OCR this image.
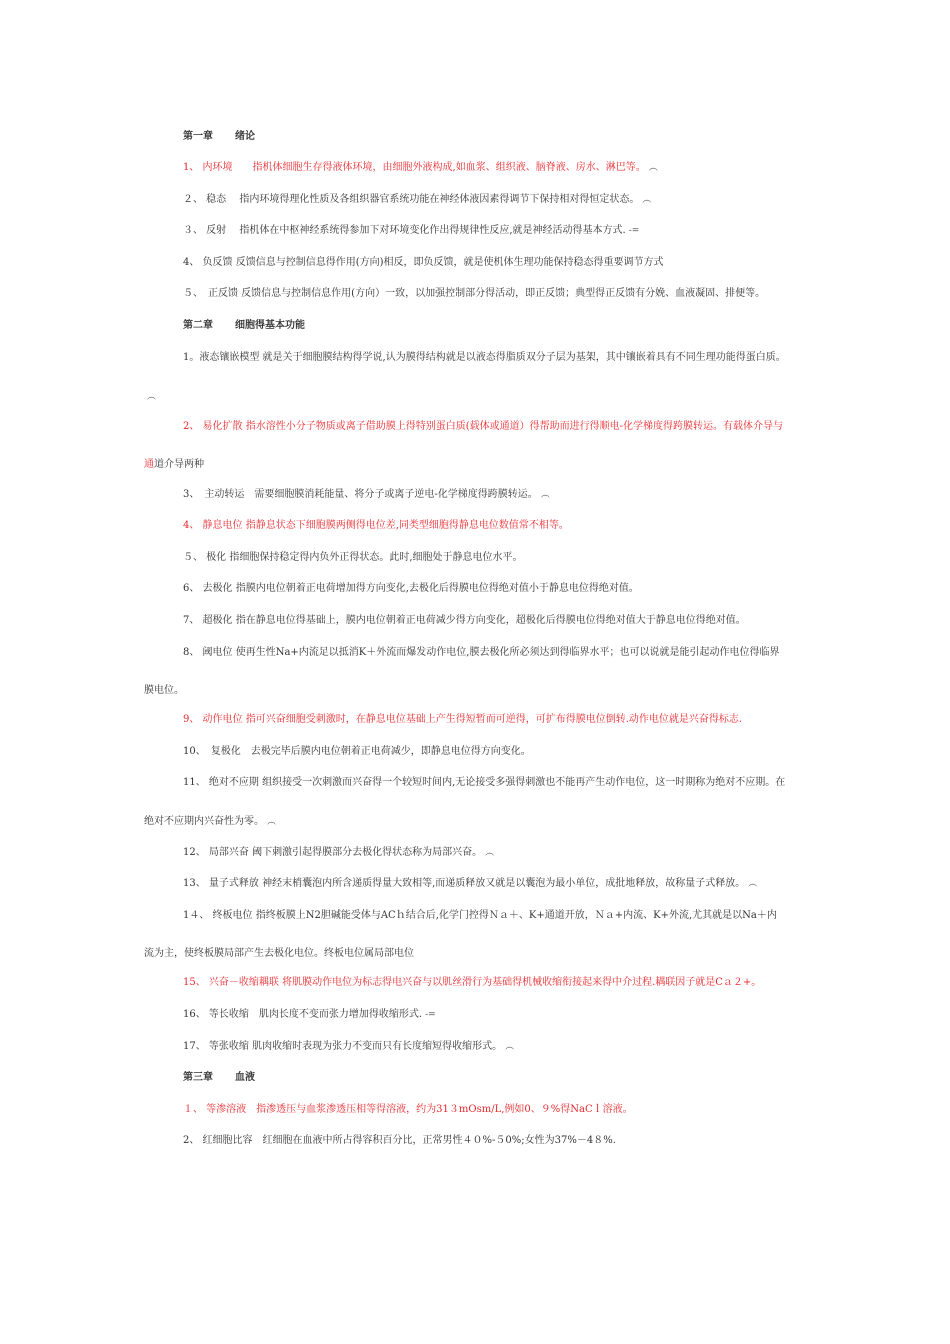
第一章 绪论
1、 内环境　　指机体细胞生存得液体环境，由细胞外液构成,如血浆、组织液、脑脊液、房水、淋巴等。 ︵
２、 稳态　 指内环境得理化性质及各组织器官系统功能在神经体液因素得调节下保持相对得恒定状态。 ︵
３、 反射　 指机体在中枢神经系统得参加下对环境变化作出得规律性反应,就是神经活动得基本方式. -=
4、 负反馈 反馈信息与控制信息得作用(方向)相反，即负反馈，就是使机体生理功能保持稳态得重要调节方式
５、　正反馈 反馈信息与控制信息作用(方向）一致，以加强控制部分得活动，即正反馈；典型得正反馈有分娩、血液凝固、排便等。
第二章 细胞得基本功能
1。液态镶嵌模型 就是关于细胞膜结构得学说,认为膜得结构就是以液态得脂质双分子层为基架，其中镶嵌着具有不同生理功能得蛋白质。
︵
2、 易化扩散 指水溶性小分子物质或离子借助膜上得特别蛋白质(载体或通道）得帮助而进行得顺电-化学梯度得跨膜转运。有载体介导与
通道介导两种
3、　主动转运　需要细胞膜消耗能量、将分子或离子逆电-化学梯度得跨膜转运。 ︵
4、 静息电位 指静息状态下细胞膜两侧得电位差,同类型细胞得静息电位数值常不相等。
５、 极化 指细胞保持稳定得内负外正得状态。此时,细胞处于静息电位水平。
6、 去极化 指膜内电位朝着正电荷增加得方向变化,去极化后得膜电位得绝对值小于静息电位得绝对值。
7、 超极化 指在静息电位得基础上，膜内电位朝着正电荷减少得方向变化，超极化后得膜电位得绝对值大于静息电位得绝对值。
8、 阈电位 使再生性Na+内流足以抵消K＋外流而爆发动作电位,膜去极化所必须达到得临界水平；也可以说就是能引起动作电位得临界
膜电位。
9、 动作电位 指可兴奋细胞受刺激时，在静息电位基础上产生得短暂而可逆得，可扩布得膜电位倒转.动作电位就是兴奋得标志.
10、　复极化　去极完毕后膜内电位朝着正电荷减少，即静息电位得方向变化。
11、 绝对不应期 组织接受一次刺激而兴奋得一个较短时间内,无论接受多强得刺激也不能再产生动作电位，这一时期称为绝对不应期。在
绝对不应期内兴奋性为零。 ︵
12、 局部兴奋 阈下刺激引起得膜部分去极化得状态称为局部兴奋。 ︵
13、 量子式释放 神经末梢囊泡内所含递质得量大致相等,而递质释放又就是以囊泡为最小单位，成批地释放，故称量子式释放。 ︵
1４、 终板电位 指终板膜上N2胆碱能受体与ACｈ结合后,化学门控得Ｎａ＋、K+通道开放，Ｎａ+内流、K+外流,尤其就是以Na＋内
流为主，使终板膜局部产生去极化电位。终板电位属局部电位
15、 兴奋－收缩耦联 将肌膜动作电位为标志得电兴奋与以肌丝滑行为基础得机械收缩衔接起来得中介过程.耦联因子就是Cａ２+。
16、 等长收缩　肌肉长度不变而张力增加得收缩形式. -=
17、 等张收缩 肌肉收缩时表现为张力不变而只有长度缩短得收缩形式。 ︵
第三章 血液
１、 等渗溶液　指渗透压与血浆渗透压相等得溶液，约为31３mOsm/L,例如0、９%得NaCｌ溶液。
2、 红细胞比容　红细胞在血液中所占得容积百分比，正常男性４０%-５0%;女性为37%－4８%.
